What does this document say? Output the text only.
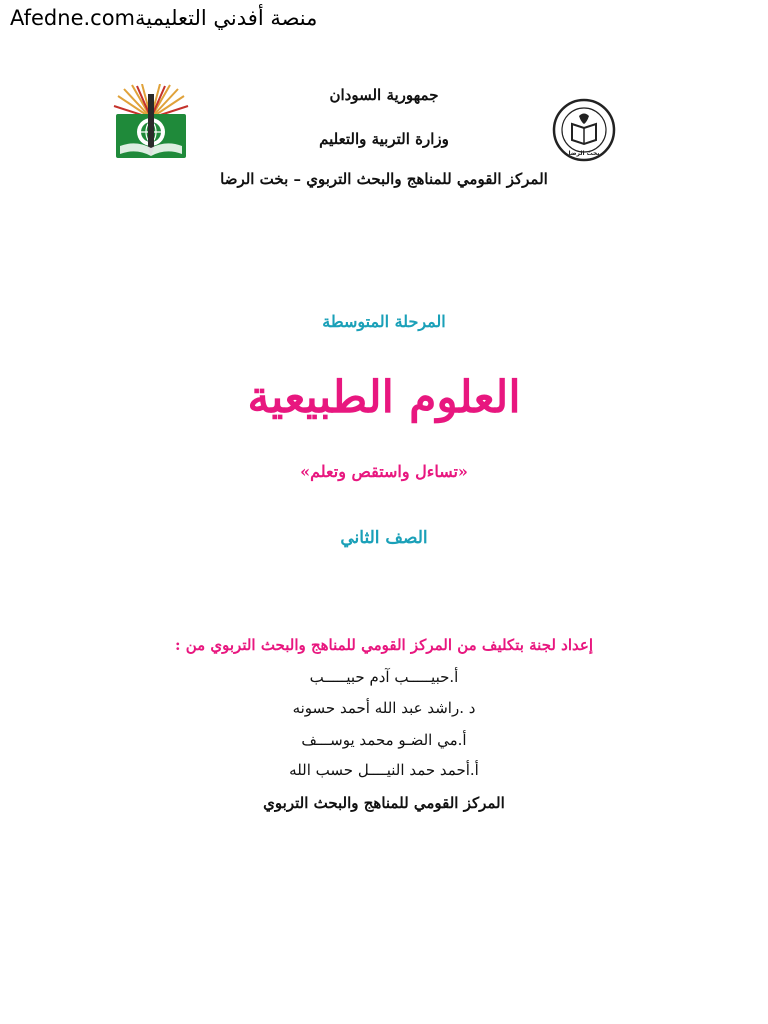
منصة أفدني التعليميةAfedne.com
بخت الرضا
جمهورية السودان
وزارة التربية والتعليم
المركز القومي للمناهج والبحث التربوي – بخت الرضا
المرحلة المتوسطة
العلوم الطبيعية
«تساءل واستقص وتعلم»
الصف الثاني
إعداد لجنة بتكليف من المركز القومي للمناهج والبحث التربوي من :
أ.حبيـــــب آدم حبيـــــب
د .راشد عبد الله أحمد حسونه
أ.مي الضـو محمد يوســـف
أ.أحمد حمد النيــــل حسب الله
المركز القومي للمناهج والبحث التربوي
